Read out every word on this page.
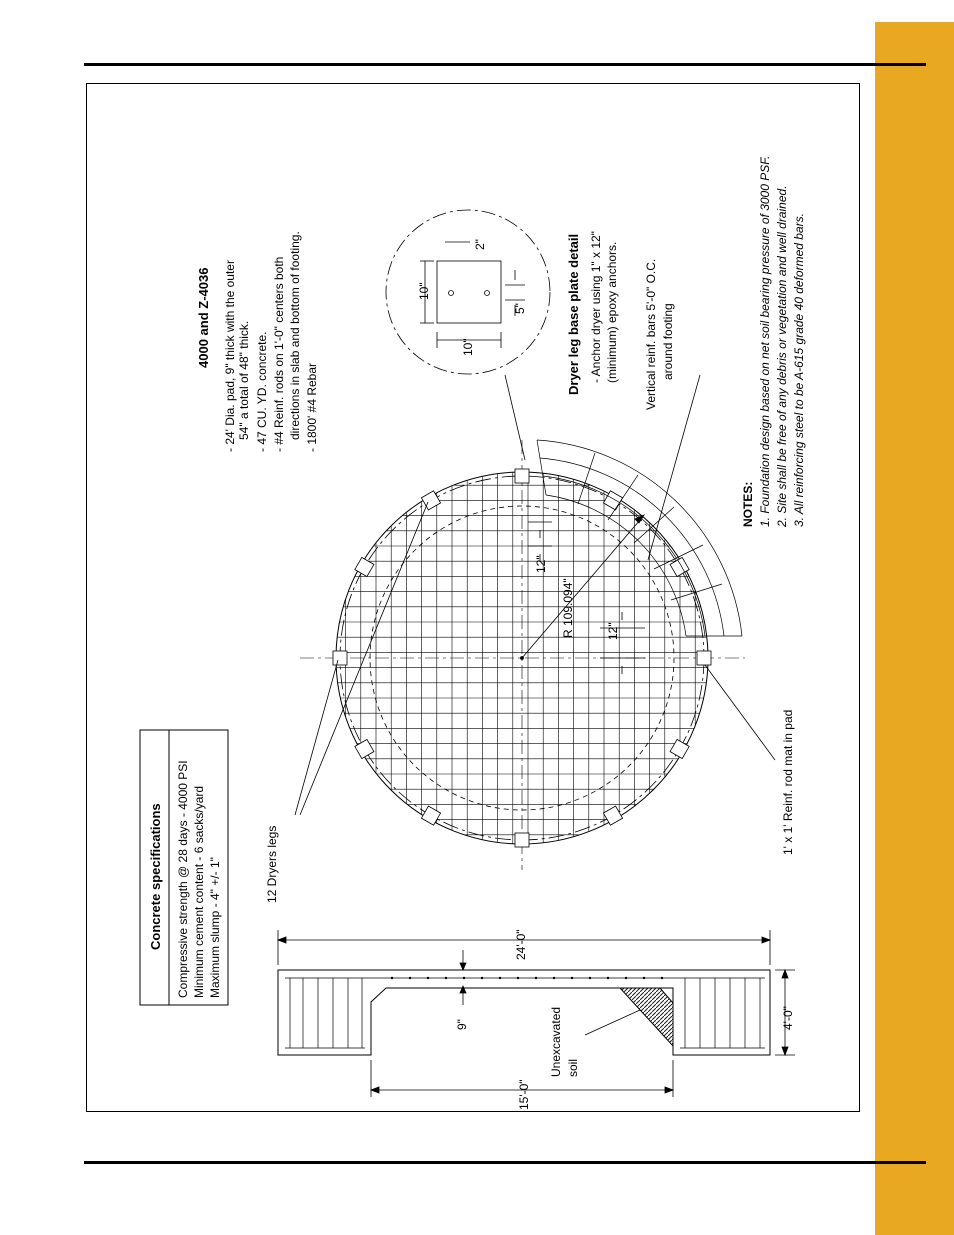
Concrete specifications Compressive strength @ 28 days - 4000 PSI Minimum cement content - 6 sacks/yard Maximum slump - 4" +/- 1"
4000 and Z-4036 - 24' Dia. pad, 9" thick with the outer 54" a total of 48" thick. - 47 CU. YD. concrete. - #4 Reinf. rods on 1'-0" centers both directions in slab and bottom of footing. - 1800' #4 Rebar
Dryer leg base plate detail - Anchor dryer using 1" x 12" (minimum) epoxy anchors. Vertical reinf. bars 5'-0" O.C. around footing
10"
10"
2"
5"
R 109.094"
12"
12"
12 Dryers legs
1' x 1' Reinf. rod mat in pad
24'-0"
9"	Unexcavated soil
15'-0"
4'-0"
NOTES: 1. Foundation design based on net soil bearing pressure of 3000 PSF. 2. Site shall be free of any debris or vegetation and well drained. 3. All reinforcing steel to be A-615 grade 40 deformed bars.
